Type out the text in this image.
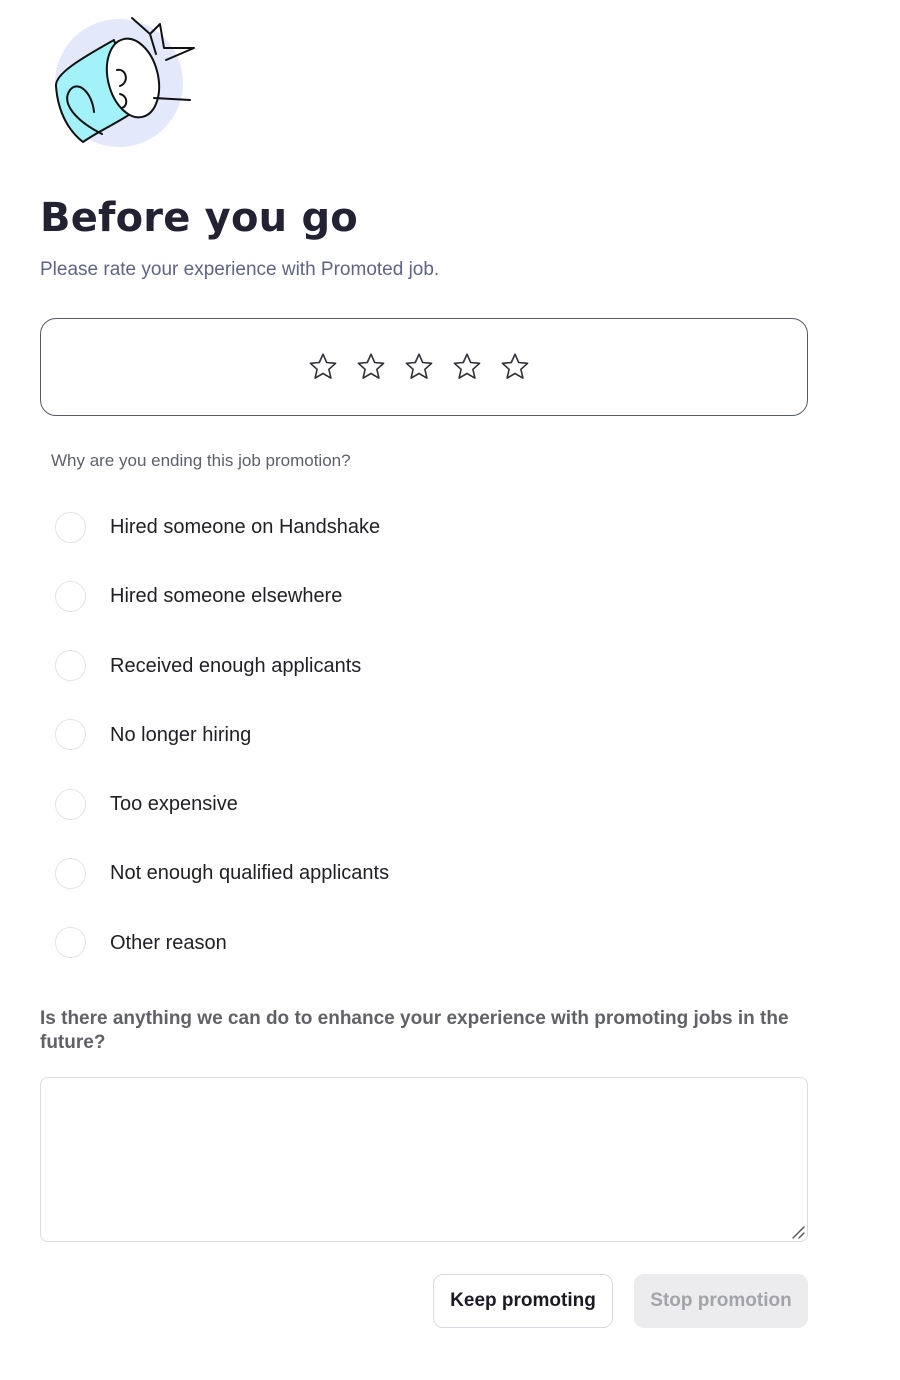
Before you go

Please rate your experience with Promoted job.

Why are you ending this job promotion?

Hired someone on Handshake
Hired someone elsewhere
Received enough applicants
No longer hiring
Too expensive
Not enough qualified applicants
Other reason

Is there anything we can do to enhance your experience with promoting jobs in the future?

Keep promoting	Stop promotion
